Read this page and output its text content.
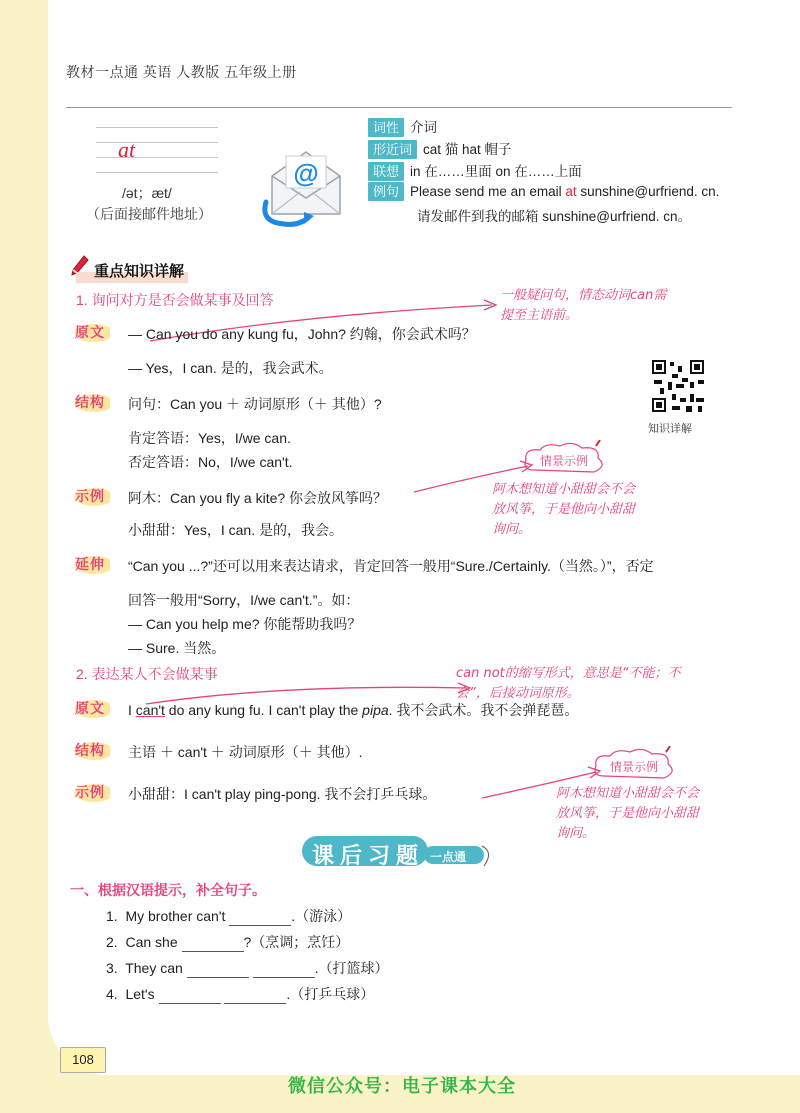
教材一点通 英语 人教版 五年级上册
at
/ət；æt/
（后面接邮件地址）
@
词性 介词
形近词 cat 猫 hat 帽子
联想 in 在……里面 on 在……上面
例句 Please send me an email at sunshine@urfriend. cn.
请发邮件到我的邮箱 sunshine@urfriend. cn。
重点知识详解
1. 询问对方是否会做某事及回答	一般疑问句，情态动词can需提至主语前。
原文	— Can you do any kung fu，John? 约翰，你会武术吗？
— Yes，I can. 是的，我会武术。
知识详解
结构	问句：Can you ＋ 动词原形（＋ 其他）?
肯定答语：Yes，I/we can.
否定答语：No，I/we can't.	情景示例
阿木想知道小甜甜会不会放风筝，于是他向小甜甜询问。
示例	阿木：Can you fly a kite? 你会放风筝吗？
小甜甜：Yes，I can. 是的，我会。
延伸	“Can you ...?”还可以用来表达请求，肯定回答一般用“Sure./Certainly.（当然。）”，否定
回答一般用“Sorry，I/we can't.”。如：
— Can you help me? 你能帮助我吗？
— Sure. 当然。
2. 表达某人不会做某事	can not的缩写形式，意思是“不能；不会”，后接动词原形。
原文	I can't do any kung fu. I can't play the pipa. 我不会武术。我不会弹琵琶。
结构	主语 ＋ can't ＋ 动词原形（＋ 其他）.
情景示例
阿木想知道小甜甜会不会放风筝，于是他向小甜甜询问。
示例	小甜甜：I can't play ping-pong. 我不会打乒乓球。
课后习题 一点通
一、根据汉语提示，补全句子。
1. My brother can't	.（游泳）
2. Can she	?（烹调；烹饪）
3. They can	.（打篮球）
4. Let's	.（打乒乓球）
108
微信公众号：电子课本大全
